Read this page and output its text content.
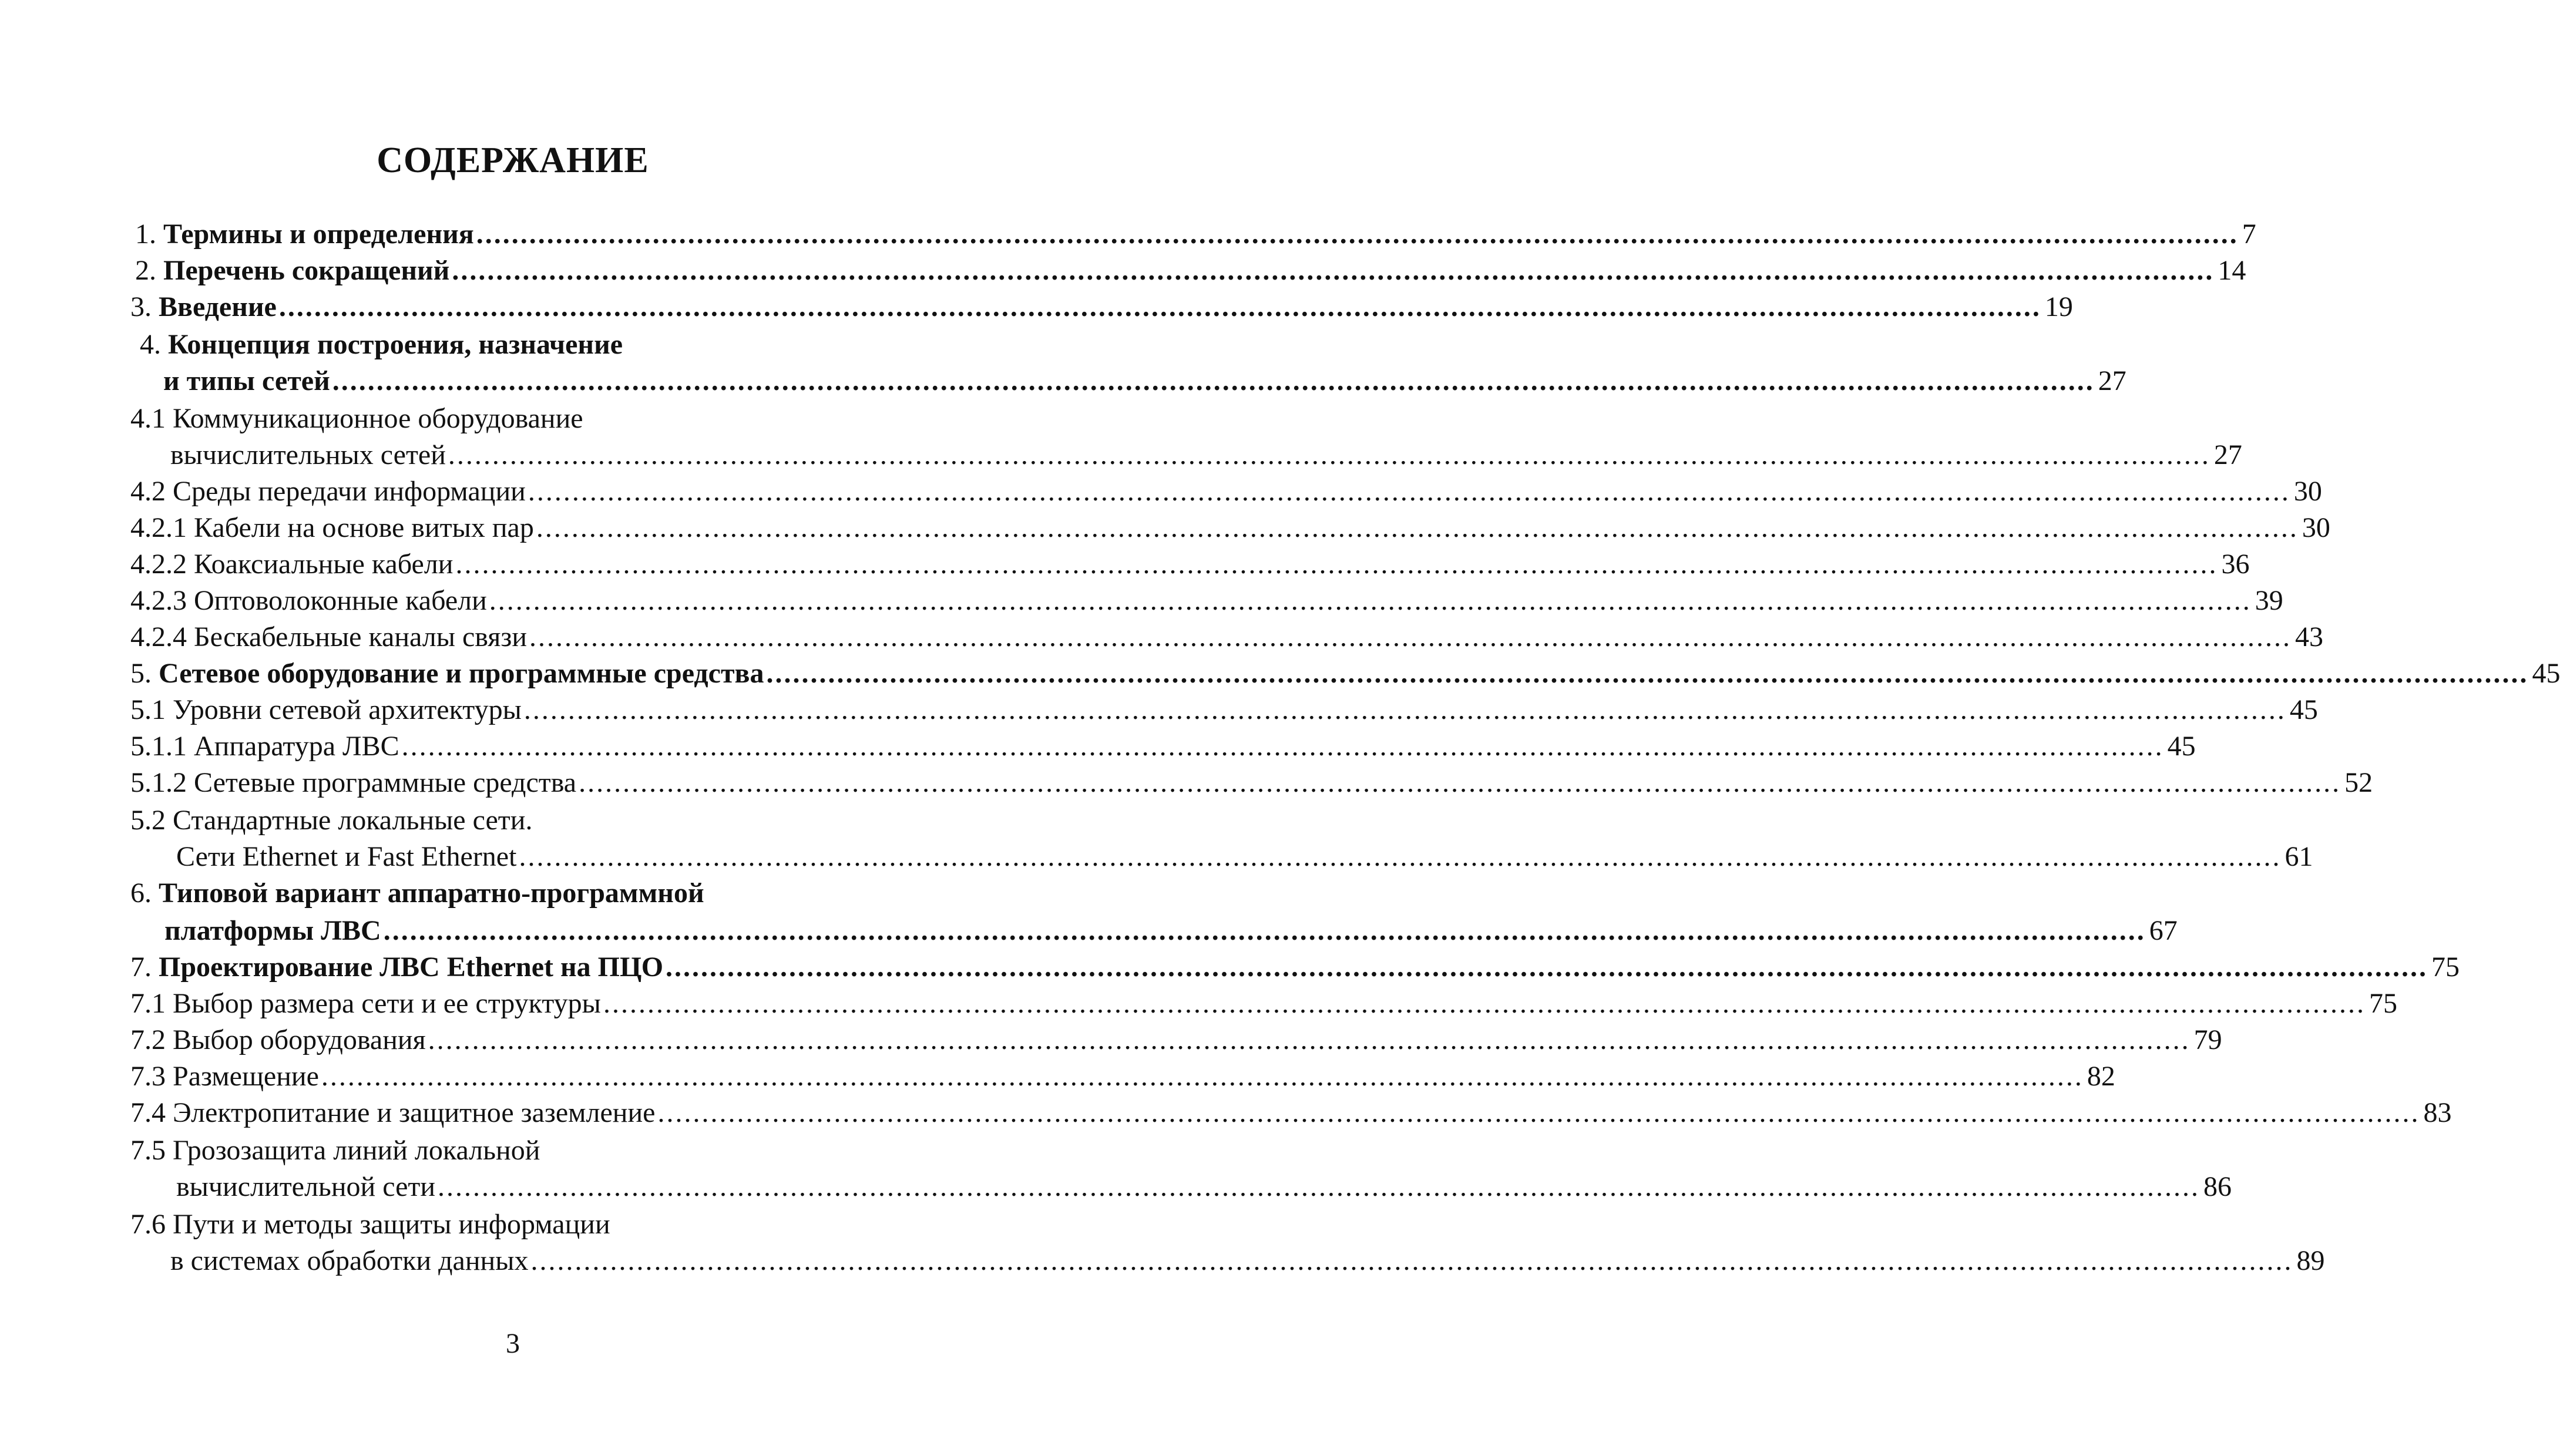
СОДЕРЖАНИЕ
1. Термины и определения ........................................................................................................................................................................................................ 7
2. Перечень сокращений ........................................................................................................................................................................................................ 14
3. Введение ........................................................................................................................................................................................................ 19
4. Концепция построения, назначение
и типы сетей ........................................................................................................................................................................................................ 27
4.1 Коммуникационное оборудование
вычислительных сетей ........................................................................................................................................................................................................ 27
4.2 Среды передачи информации ........................................................................................................................................................................................................ 30
4.2.1 Кабели на основе витых пар ........................................................................................................................................................................................................ 30
4.2.2 Коаксиальные кабели ........................................................................................................................................................................................................ 36
4.2.3 Оптоволоконные кабели ........................................................................................................................................................................................................ 39
4.2.4 Бескабельные каналы связи ........................................................................................................................................................................................................ 43
5. Сетевое оборудование и программные средства ........................................................................................................................................................................................................ 45
5.1 Уровни сетевой архитектуры ........................................................................................................................................................................................................ 45
5.1.1 Аппаратура ЛВС ........................................................................................................................................................................................................ 45
5.1.2 Сетевые программные средства ........................................................................................................................................................................................................ 52
5.2 Стандартные локальные сети.
Сети Ethernet и Fast Ethernet ........................................................................................................................................................................................................ 61
6. Типовой вариант аппаратно-программной
платформы ЛВС ........................................................................................................................................................................................................ 67
7. Проектирование ЛВС Ethernet на ПЦО ........................................................................................................................................................................................................ 75
7.1 Выбор размера сети и ее структуры ........................................................................................................................................................................................................ 75
7.2 Выбор оборудования ........................................................................................................................................................................................................ 79
7.3 Размещение ........................................................................................................................................................................................................ 82
7.4 Электропитание и защитное заземление ........................................................................................................................................................................................................ 83
7.5 Грозозащита линий локальной
вычислительной сети ........................................................................................................................................................................................................ 86
7.6 Пути и методы защиты информации
в системах обработки данных ........................................................................................................................................................................................................ 89
3
